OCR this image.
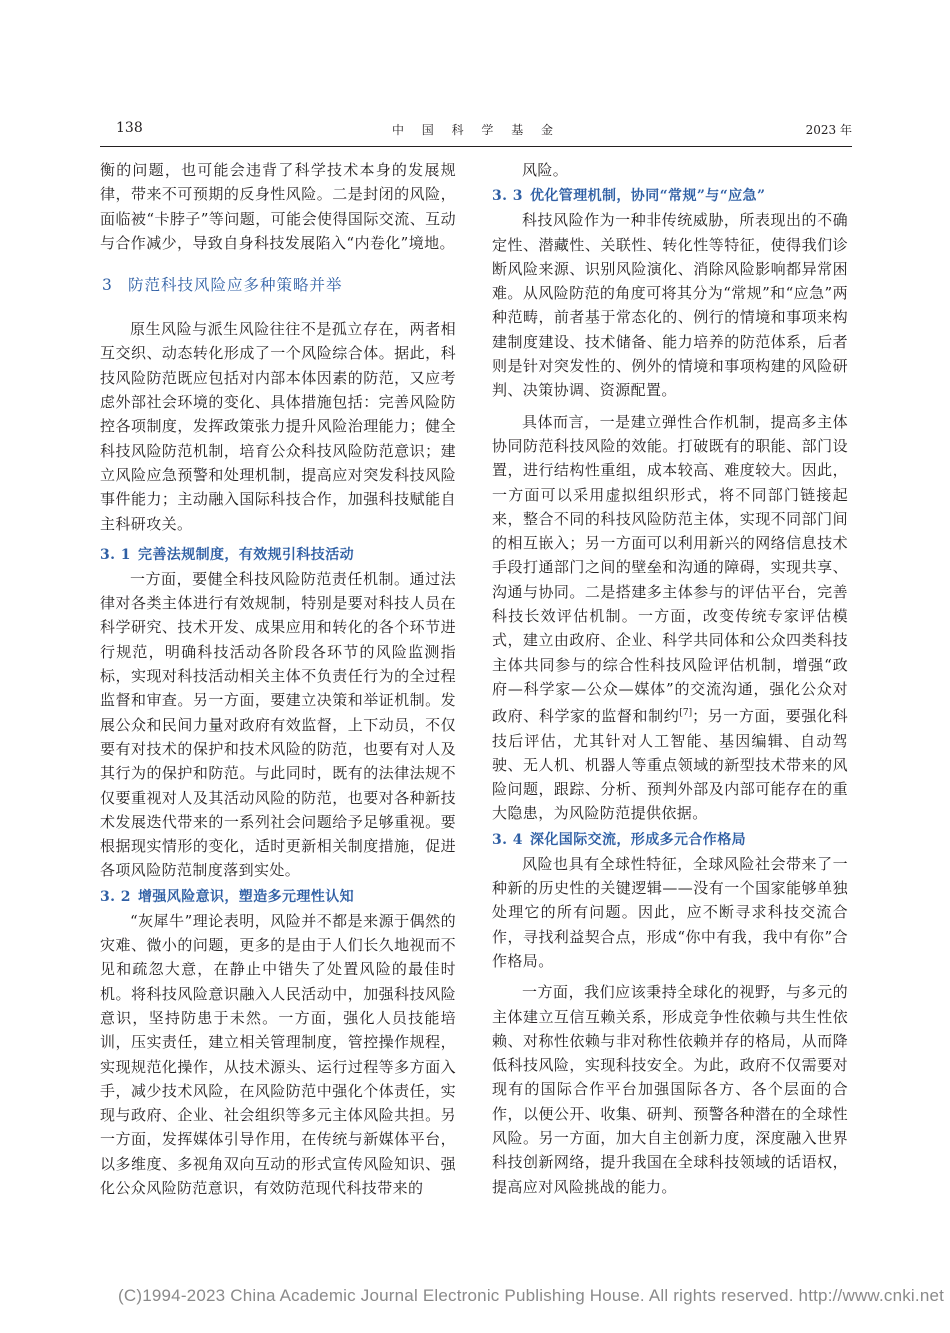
138	中 国 科 学 基 金	2023 年

衡的问题，也可能会违背了科学技术本身的发展规律，带来不可预期的反身性风险。二是封闭的风险，面临被“卡脖子”等问题，可能会使得国际交流、互动与合作减少，导致自身科技发展陷入“内卷化”境地。

3 防范科技风险应多种策略并举

原生风险与派生风险往往不是孤立存在，两者相互交织、动态转化形成了一个风险综合体。据此，科技风险防范既应包括对内部本体因素的防范，又应考虑外部社会环境的变化、具体措施包括：完善风险防控各项制度，发挥政策张力提升风险治理能力；健全科技风险防范机制，培育公众科技风险防范意识；建立风险应急预警和处理机制，提高应对突发科技风险事件能力；主动融入国际科技合作，加强科技赋能自主科研攻关。

3. 1 完善法规制度，有效规引科技活动

一方面，要健全科技风险防范责任机制。通过法律对各类主体进行有效规制，特别是要对科技人员在科学研究、技术开发、成果应用和转化的各个环节进行规范，明确科技活动各阶段各环节的风险监测指标，实现对科技活动相关主体不负责任行为的全过程监督和审查。另一方面，要建立决策和举证机制。发展公众和民间力量对政府有效监督，上下动员，不仅要有对技术的保护和技术风险的防范，也要有对人及其行为的保护和防范。与此同时，既有的法律法规不仅要重视对人及其活动风险的防范，也要对各种新技术发展迭代带来的一系列社会问题给予足够重视。要根据现实情形的变化，适时更新相关制度措施，促进各项风险防范制度落到实处。

3. 2 增强风险意识，塑造多元理性认知

“灰犀牛”理论表明，风险并不都是来源于偶然的灾难、微小的问题，更多的是由于人们长久地视而不见和疏忽大意，在静止中错失了处置风险的最佳时机。将科技风险意识融入人民活动中，加强科技风险意识，坚持防患于未然。一方面，强化人员技能培训，压实责任，建立相关管理制度，管控操作规程，实现规范化操作，从技术源头、运行过程等多方面入手，减少技术风险，在风险防范中强化个体责任，实现与政府、企业、社会组织等多元主体风险共担。另一方面，发挥媒体引导作用，在传统与新媒体平台，以多维度、多视角双向互动的形式宣传风险知识、强化公众风险防范意识，有效防范现代科技带来的

风险。

3. 3 优化管理机制，协同“常规”与“应急”

科技风险作为一种非传统威胁，所表现出的不确定性、潜藏性、关联性、转化性等特征，使得我们诊断风险来源、识别风险演化、消除风险影响都异常困难。从风险防范的角度可将其分为“常规”和“应急”两种范畴，前者基于常态化的、例行的情境和事项来构建制度建设、技术储备、能力培养的防范体系，后者则是针对突发性的、例外的情境和事项构建的风险研判、决策协调、资源配置。

具体而言，一是建立弹性合作机制，提高多主体协同防范科技风险的效能。打破既有的职能、部门设置，进行结构性重组，成本较高、难度较大。因此，一方面可以采用虚拟组织形式，将不同部门链接起来，整合不同的科技风险防范主体，实现不同部门间的相互嵌入；另一方面可以利用新兴的网络信息技术手段打通部门之间的壁垒和沟通的障碍，实现共享、沟通与协同。二是搭建多主体参与的评估平台，完善科技长效评估机制。一方面，改变传统专家评估模式，建立由政府、企业、科学共同体和公众四类科技主体共同参与的综合性科技风险评估机制，增强“政府—科学家—公众—媒体”的交流沟通，强化公众对政府、科学家的监督和制约[7]；另一方面，要强化科技后评估，尤其针对人工智能、基因编辑、自动驾驶、无人机、机器人等重点领域的新型技术带来的风险问题，跟踪、分析、预判外部及内部可能存在的重大隐患，为风险防范提供依据。

3. 4 深化国际交流，形成多元合作格局

风险也具有全球性特征，全球风险社会带来了一种新的历史性的关键逻辑——没有一个国家能够单独处理它的所有问题。因此，应不断寻求科技交流合作，寻找利益契合点，形成“你中有我，我中有你”合作格局。

一方面，我们应该秉持全球化的视野，与多元的主体建立互信互赖关系，形成竞争性依赖与共生性依赖、对称性依赖与非对称性依赖并存的格局，从而降低科技风险，实现科技安全。为此，政府不仅需要对现有的国际合作平台加强国际各方、各个层面的合作，以便公开、收集、研判、预警各种潜在的全球性风险。另一方面，加大自主创新力度，深度融入世界科技创新网络，提升我国在全球科技领域的话语权，提高应对风险挑战的能力。

(C)1994-2023 China Academic Journal Electronic Publishing House. All rights reserved. http://www.cnki.net
